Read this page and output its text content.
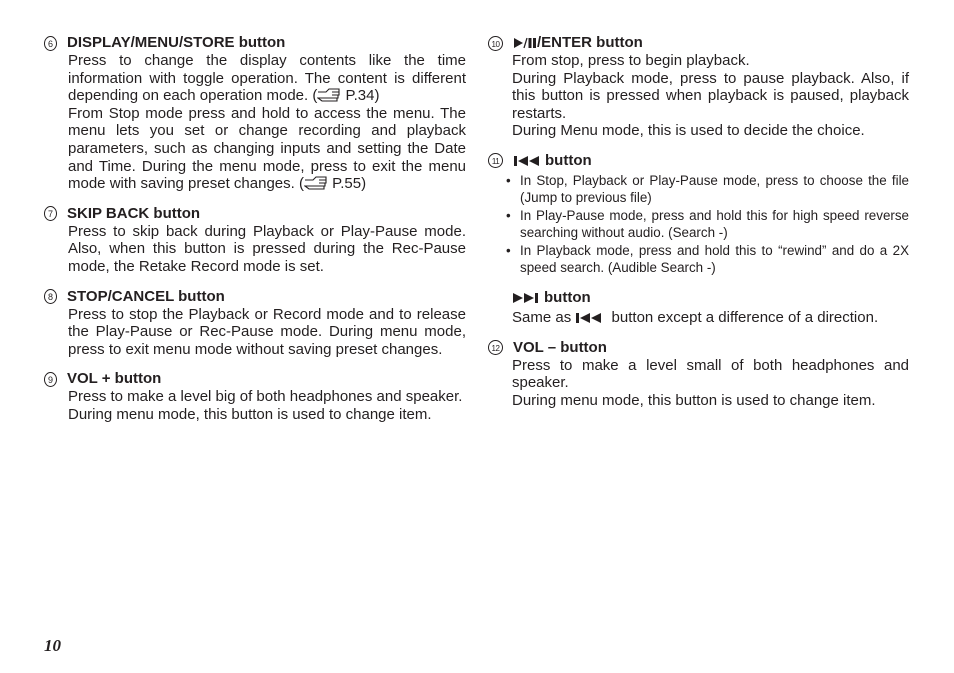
6 DISPLAY/MENU/STORE button

Press to change the display contents like the time information with toggle operation. The content is different depending on each operation mode. ( P.34)

From Stop mode press and hold to access the menu. The menu lets you set or change recording and playback parameters, such as changing inputs and setting the Date and Time. During the menu mode, press to exit the menu mode with saving preset changes. ( P.55)

7 SKIP BACK button

Press to skip back during Playback or Play-Pause mode. Also, when this button is pressed during the Rec-Pause mode, the Retake Record mode is set.

8 STOP/CANCEL button

Press to stop the Playback or Record mode and to release the Play-Pause or Rec-Pause mode. During menu mode, press to exit menu mode without saving preset changes.

9 VOL + button

Press to make a level big of both headphones and speaker.

During menu mode, this button is used to change item.

10	/ENTER button

From stop, press to begin playback.

During Playback mode, press to pause playback. Also, if this button is pressed when playback is paused, playback restarts.

During Menu mode, this is used to decide the choice.

11	button
• In Stop, Playback or Play-Pause mode, press to choose the file (Jump to previous file)
• In Play-Pause mode, press and hold this for high speed reverse searching without audio. (Search -)
• In Playback mode, press and hold this to “rewind” and do a 2X speed search. (Audible Search -)
button

Same as	button except a difference of a direction.

12 VOL – button

Press to make a level small of both headphones and speaker.

During menu mode, this button is used to change item.

10
